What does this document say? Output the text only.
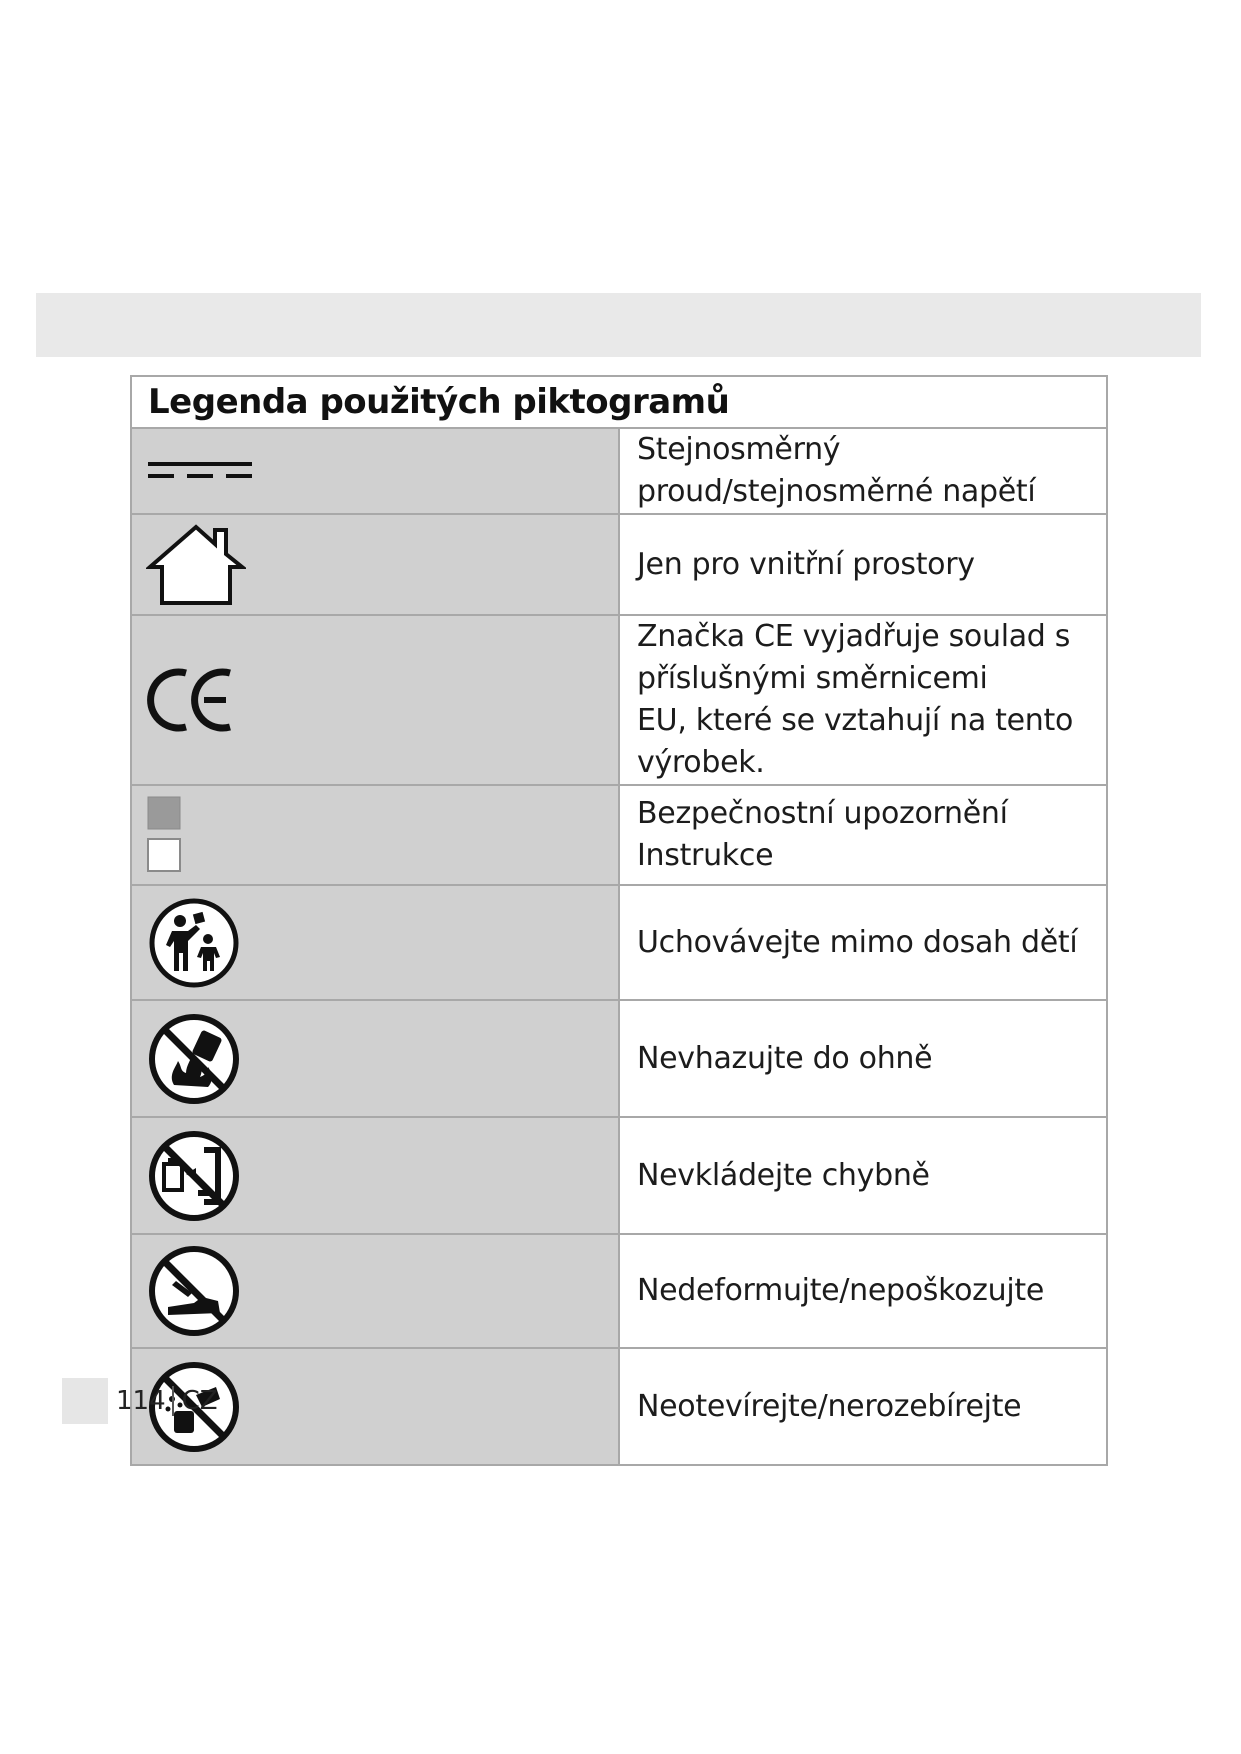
Legenda použitých piktogramů	

Stejnosměrný proud/stejnosměrné napětí

Jen pro vnitřní prostory

Značka CE vyjadřuje soulad s příslušnými směrnicemi
EU, které se vztahují na tento výrobek.

Bezpečnostní upozornění
Instrukce

Uchovávejte mimo dosah dětí

Nevhazujte do ohně

Nevkládejte chybně

Nedeformujte/nepoškozujte

Neotevírejte/nerozebírejte
114 CZ
